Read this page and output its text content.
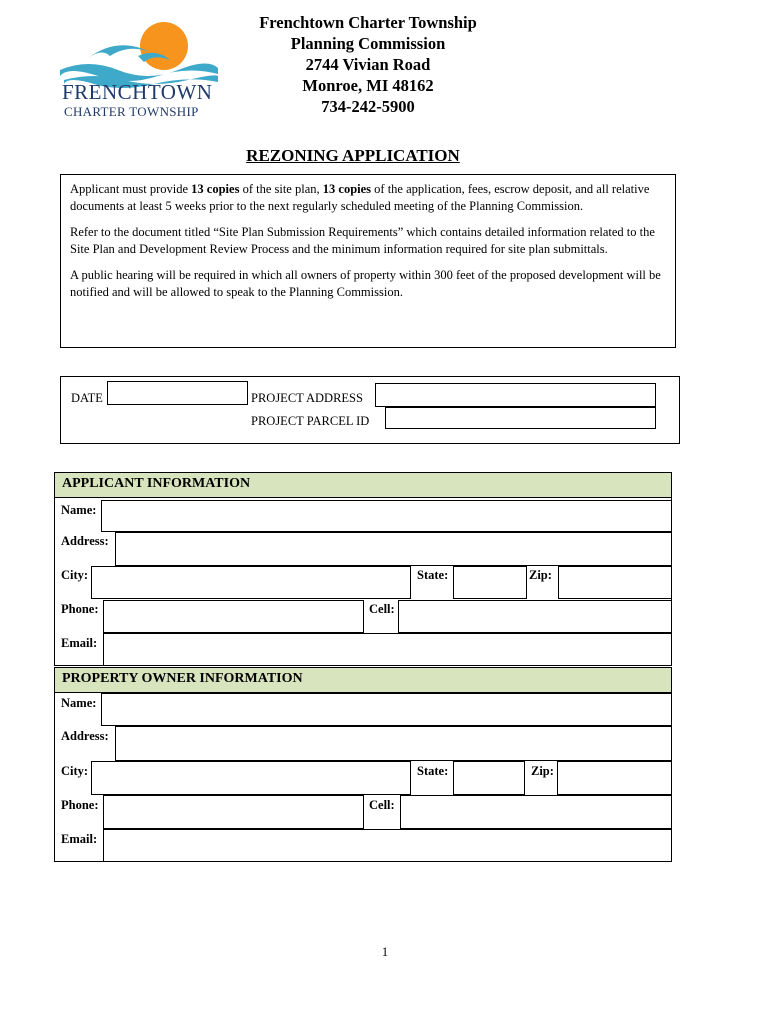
FRENCHTOWN
CHARTER TOWNSHIP
Frenchtown Charter Township
Planning Commission
2744 Vivian Road
Monroe, MI 48162
734-242-5900
REZONING APPLICATION

Applicant must provide 13 copies of the site plan, 13 copies of the application, fees, escrow deposit, and all relative documents at least 5 weeks prior to the next regularly scheduled meeting of the Planning Commission.

Refer to the document titled “Site Plan Submission Requirements” which contains detailed information related to the Site Plan and Development Review Process and the minimum information required for site plan submittals.

A public hearing will be required in which all owners of property within 300 feet of the proposed development will be notified and will be allowed to speak to the Planning Commission.

DATE	PROJECT ADDRESS
PROJECT PARCEL ID
APPLICANT INFORMATION
Name:
Address:
City:	State:	Zip:
Phone:	Cell:
Email:
PROPERTY OWNER INFORMATION
Name:
Address:
City:	State:	Zip:
Phone:	Cell:
Email:
1
